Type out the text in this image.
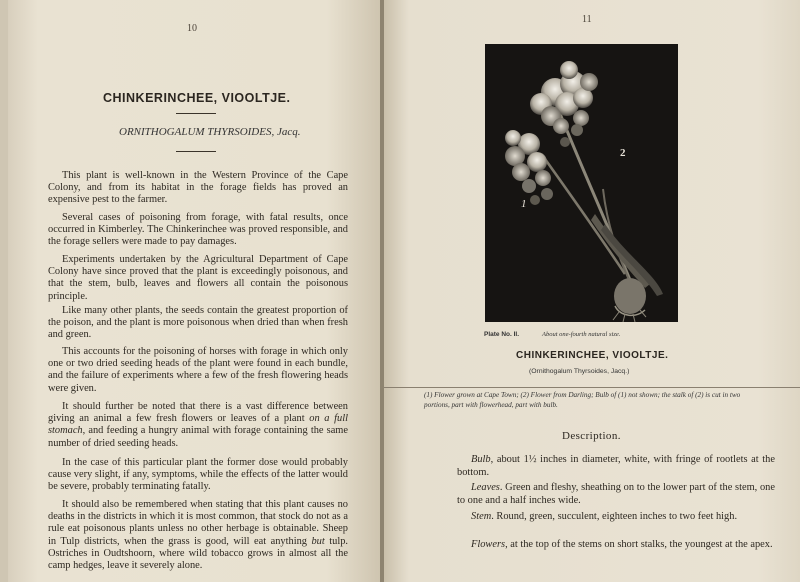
10
CHINKERINCHEE, VIOOLTJE.
ORNITHOGALUM THYRSOIDES, Jacq.

This plant is well-known in the Western Province of the Cape Colony, and from its habitat in the forage fields has proved an expensive pest to the farmer.

Several cases of poisoning from forage, with fatal results, once occurred in Kimberley. The Chinkerinchee was proved responsible, and the forage sellers were made to pay damages.

Experiments undertaken by the Agricultural Department of Cape Colony have since proved that the plant is exceedingly poisonous, and that the stem, bulb, leaves and flowers all contain the poisonous principle.

Like many other plants, the seeds contain the greatest proportion of the poison, and the plant is more poisonous when dried than when fresh and green.

This accounts for the poisoning of horses with forage in which only one or two dried seeding heads of the plant were found in each bundle, and the failure of experiments where a few of the fresh flowering heads were given.

It should further be noted that there is a vast difference between giving an animal a few fresh flowers or leaves of a plant on a full stomach, and feeding a hungry animal with forage containing the same number of dried seeding heads.

In the case of this particular plant the former dose would probably cause very slight, if any, symptoms, while the effects of the latter would be severe, probably terminating fatally.

It should also be remembered when stating that this plant causes no deaths in the districts in which it is most common, that stock do not as a rule eat poisonous plants unless no other herbage is obtainable. Sheep in Tulp districts, when the grass is good, will eat anything but tulp. Ostriches in Oudtshoorn, where wild tobacco grows in almost all the camp hedges, leave it severely alone.

11
1
2
Plate No. II.	About one-fourth natural size.
CHINKERINCHEE, VIOOLTJE.
(Ornithogalum Thyrsoides, Jacq.)
(1) Flower grown at Cape Town; (2) Flower from Darling; Bulb of (1) not shown; the stalk of (2) is cut in two portions, part with flowerhead, part with bulb.
Description.

Bulb, about 1½ inches in diameter, white, with fringe of rootlets at the bottom.

Leaves. Green and fleshy, sheathing on to the lower part of the stem, one to one and a half inches wide.

Stem. Round, green, succulent, eighteen inches to two feet high.

Flowers, at the top of the stems on short stalks, the youngest at the apex.
